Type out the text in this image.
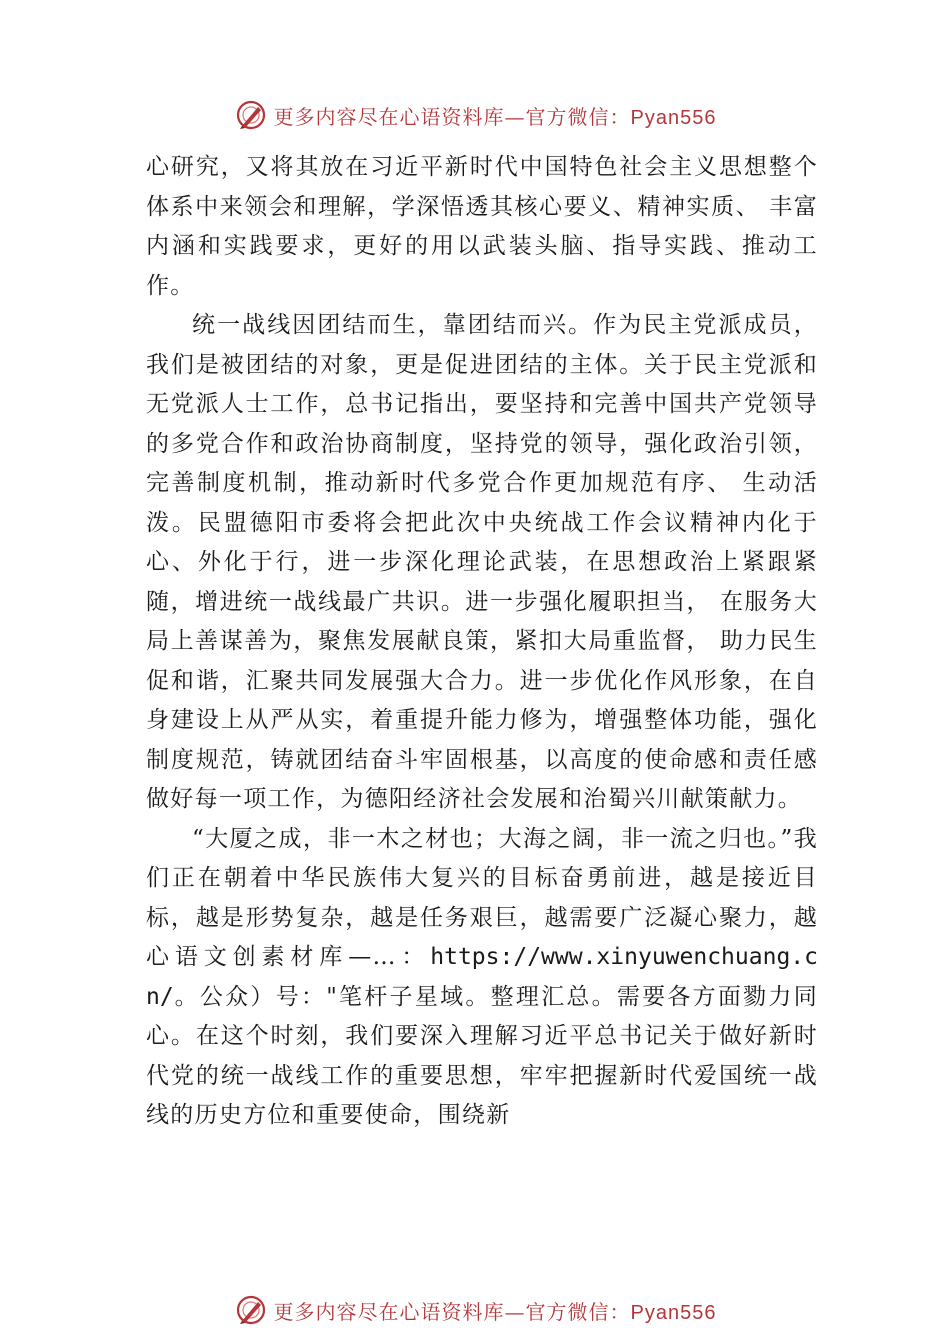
更多内容尽在心语资料库—官方微信：Pyan556

心研究，又将其放在习近平新时代中国特色社会主义思想整个体系中来领会和理解，学深悟透其核心要义、精神实质、 丰富内涵和实践要求，更好的用以武装头脑、指导实践、推动工作。

统一战线因团结而生，靠团结而兴。作为民主党派成员，我们是被团结的对象，更是促进团结的主体。关于民主党派和无党派人士工作，总书记指出，要坚持和完善中国共产党领导的多党合作和政治协商制度，坚持党的领导，强化政治引领，完善制度机制，推动新时代多党合作更加规范有序、 生动活泼。民盟德阳市委将会把此次中央统战工作会议精神内化于心、外化于行，进一步深化理论武装，在思想政治上紧跟紧随，增进统一战线最广共识。进一步强化履职担当， 在服务大局上善谋善为，聚焦发展献良策，紧扣大局重监督， 助力民生促和谐，汇聚共同发展强大合力。进一步优化作风形象，在自身建设上从严从实，着重提升能力修为，增强整体功能，强化制度规范，铸就团结奋斗牢固根基，以高度的使命感和责任感做好每一项工作，为德阳经济社会发展和治蜀兴川献策献力。

“大厦之成，非一木之材也；大海之阔，非一流之归也。”我们正在朝着中华民族伟大复兴的目标奋勇前进，越是接近目标，越是形势复杂，越是任务艰巨，越需要广泛凝心聚力，越心语文创素材库—…：https://www.xinyuwenchuang.cn/。公众）号："笔杆子星域。整理汇总。需要各方面勠力同心。在这个时刻，我们要深入理解习近平总书记关于做好新时代党的统一战线工作的重要思想，牢牢把握新时代爱国统一战线的历史方位和重要使命，围绕新

更多内容尽在心语资料库—官方微信：Pyan556
